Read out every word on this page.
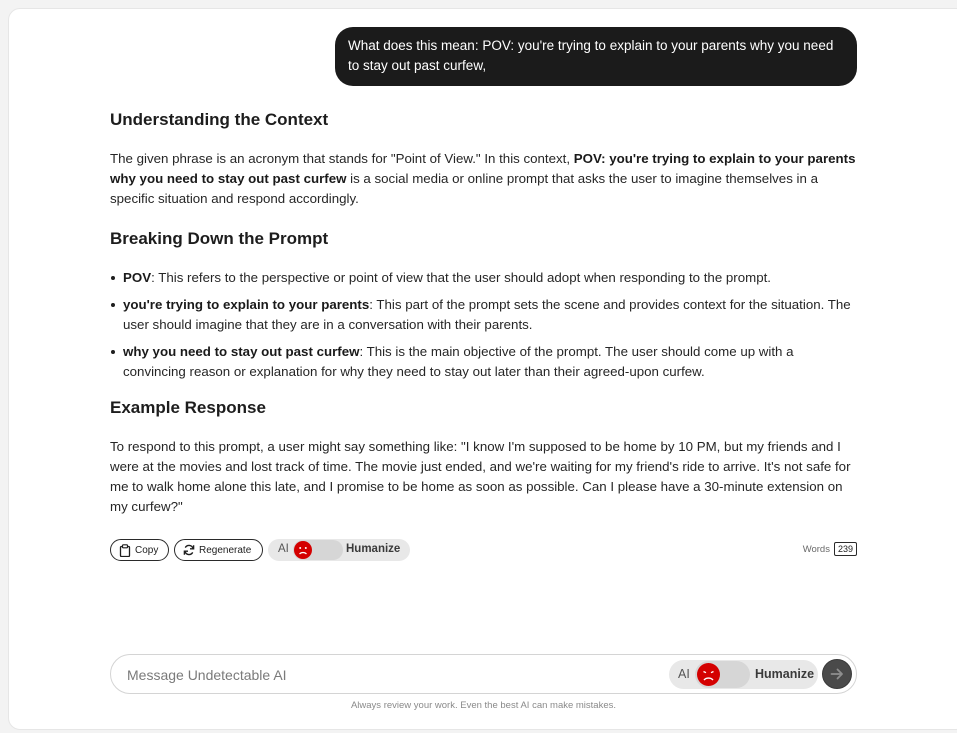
What does this mean: POV: you're trying to explain to your parents why you need to stay out past curfew,
Understanding the Context

The given phrase is an acronym that stands for "Point of View." In this context, POV: you're trying to explain to your parents why you need to stay out past curfew is a social media or online prompt that asks the user to imagine themselves in a specific situation and respond accordingly.

Breaking Down the Prompt
POV: This refers to the perspective or point of view that the user should adopt when responding to the prompt.
you're trying to explain to your parents: This part of the prompt sets the scene and provides context for the situation. The user should imagine that they are in a conversation with their parents.
why you need to stay out past curfew: This is the main objective of the prompt. The user should come up with a convincing reason or explanation for why they need to stay out later than their agreed-upon curfew.
Example Response

To respond to this prompt, a user might say something like: "I know I'm supposed to be home by 10 PM, but my friends and I were at the movies and lost track of time. The movie just ended, and we're waiting for my friend's ride to arrive. It's not safe for me to walk home alone this late, and I promise to be home as soon as possible. Can I please have a 30-minute extension on my curfew?"

Copy	Regenerate AI	Humanize	Words 239
Message Undetectable AI
AI	Humanize
Always review your work. Even the best AI can make mistakes.
